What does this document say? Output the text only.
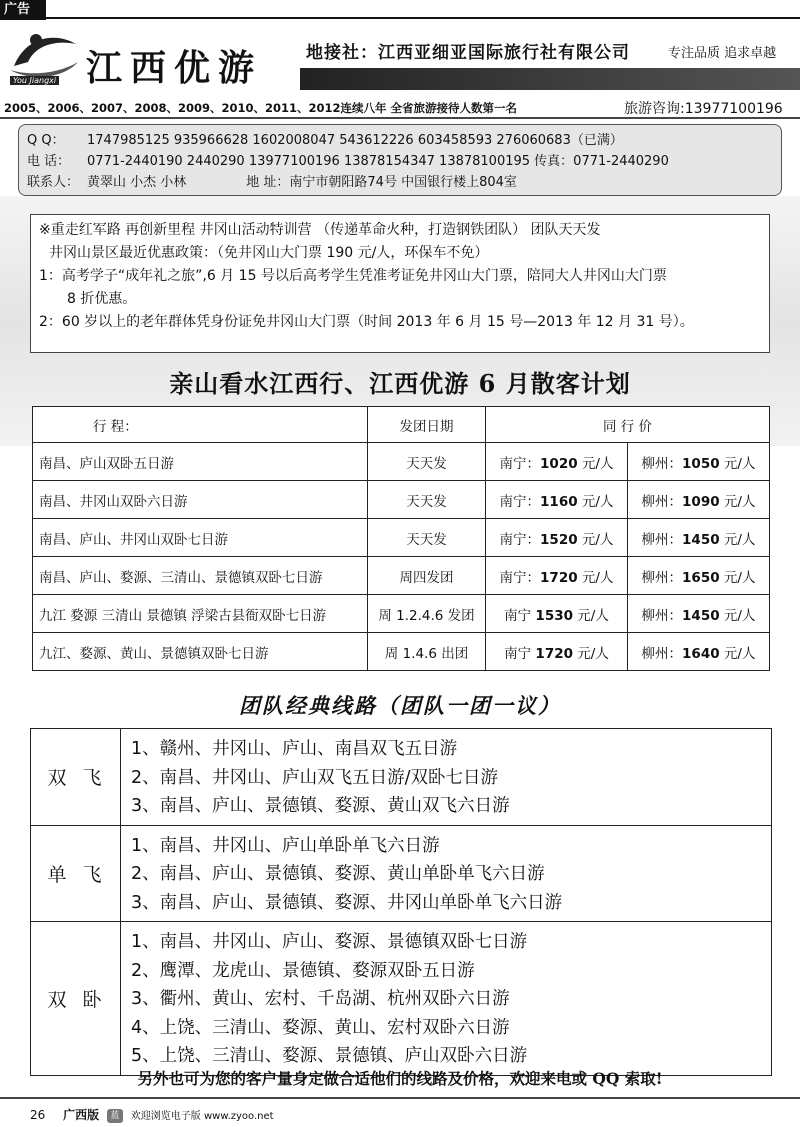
广告
江西优游
You Jiangxi
地接社：江西亚细亚国际旅行社有限公司	专注品质 追求卓越
2005、2006、2007、2008、2009、2010、2011、2012连续八年 全省旅游接待人数第一名	旅游咨询:13977100196
Q Q： 1747985125 935966628 1602008047 543612226 603458593 276060683（已满）
电 话： 0771-2440190 2440290 13977100196 13878154347 13878100195 传真：0771-2440290
联系人： 黄翠山 小杰 小林	地 址：南宁市朝阳路74号 中国银行楼上804室
※重走红军路 再创新里程 井冈山活动特训营 （传递革命火种，打造钢铁团队） 团队天天发
井冈山景区最近优惠政策：（免井冈山大门票 190 元/人，环保车不免）
1：高考学子“成年礼之旅”,6 月 15 号以后高考学生凭准考证免井冈山大门票，陪同大人井冈山大门票
8 折优惠。
2：60 岁以上的老年群体凭身份证免井冈山大门票（时间 2013 年 6 月 15 号—2013 年 12 月 31 号）。
亲山看水江西行、江西优游 6 月散客计划
行 程：	发团日期	同 行 价	
南昌、庐山双卧五日游	天天发	南宁：1020 元/人	柳州：1050 元/人
南昌、井冈山双卧六日游	天天发	南宁：1160 元/人	柳州：1090 元/人
南昌、庐山、井冈山双卧七日游	天天发	南宁：1520 元/人	柳州：1450 元/人
南昌、庐山、婺源、三清山、景德镇双卧七日游	周四发团	南宁：1720 元/人	柳州：1650 元/人
九江 婺源 三清山 景德镇 浮梁古县衙双卧七日游	周 1.2.4.6 发团	南宁 1530 元/人	柳州：1450 元/人
九江、婺源、黄山、景德镇双卧七日游	周 1.4.6 出团	南宁 1720 元/人	柳州：1640 元/人
团队经典线路（团队一团一议）
双飞	1、赣州、井冈山、庐山、南昌双飞五日游
2、南昌、井冈山、庐山双飞五日游/双卧七日游
3、南昌、庐山、景德镇、婺源、黄山双飞六日游

单飞	1、南昌、井冈山、庐山单卧单飞六日游
2、南昌、庐山、景德镇、婺源、黄山单卧单飞六日游
3、南昌、庐山、景德镇、婺源、井冈山单卧单飞六日游

双卧	1、南昌、井冈山、庐山、婺源、景德镇双卧七日游
2、鹰潭、龙虎山、景德镇、婺源双卧五日游
3、衢州、黄山、宏村、千岛湖、杭州双卧六日游
4、上饶、三清山、婺源、黄山、宏村双卧六日游
5、上饶、三清山、婺源、景德镇、庐山双卧六日游
另外也可为您的客户量身定做合适他们的线路及价格，欢迎来电或 QQ 索取!
26 广西版 蓝 欢迎浏览电子版 www.zyoo.net
